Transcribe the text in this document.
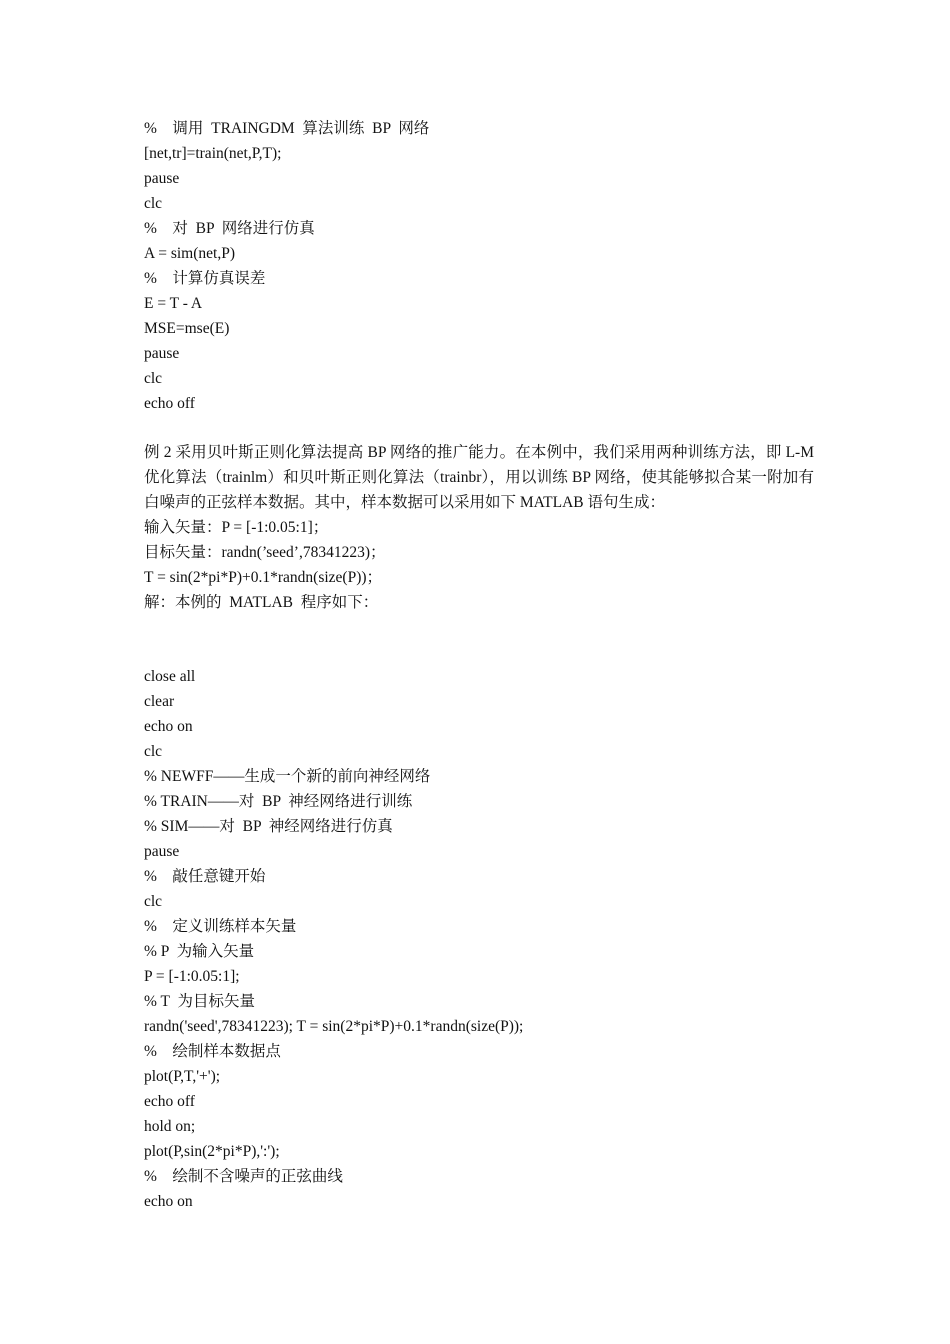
%    调用  TRAINGDM  算法训练  BP  网络
[net,tr]=train(net,P,T);
pause
clc
%    对  BP  网络进行仿真
A = sim(net,P)
%    计算仿真误差
E = T - A
MSE=mse(E)
pause
clc
echo off
例 2 采用贝叶斯正则化算法提高 BP 网络的推广能力。在本例中，我们采用两种训练方法，即 L-M 优化算法（trainlm）和贝叶斯正则化算法（trainbr），用以训练 BP 网络，使其能够拟合某一附加有白噪声的正弦样本数据。其中，样本数据可以采用如下 MATLAB 语句生成：
输入矢量：P = [-1:0.05:1]；
目标矢量：randn(’seed’,78341223)；
T = sin(2*pi*P)+0.1*randn(size(P))；
解：本例的  MATLAB  程序如下：
close all
clear
echo on
clc
% NEWFF——生成一个新的前向神经网络
% TRAIN——对  BP  神经网络进行训练
% SIM——对  BP  神经网络进行仿真
pause
%    敲任意键开始
clc
%    定义训练样本矢量
% P  为输入矢量
P = [-1:0.05:1];
% T  为目标矢量
randn('seed',78341223); T = sin(2*pi*P)+0.1*randn(size(P));
%    绘制样本数据点
plot(P,T,'+');
echo off
hold on;
plot(P,sin(2*pi*P),':');
%    绘制不含噪声的正弦曲线
echo on
